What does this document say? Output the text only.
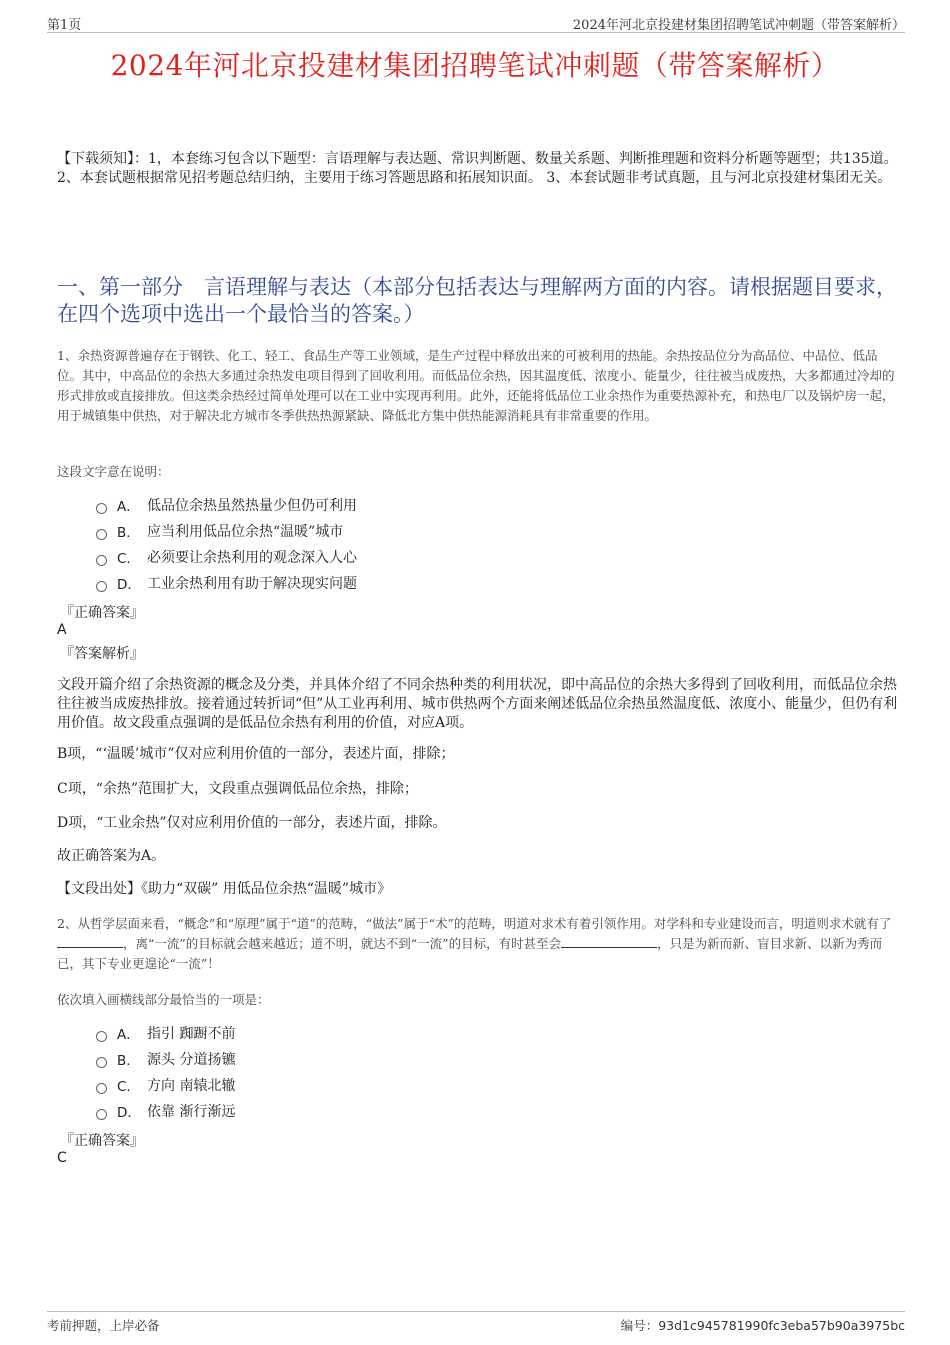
第1页	2024年河北京投建材集团招聘笔试冲刺题（带答案解析）
2024年河北京投建材集团招聘笔试冲刺题（带答案解析）
【下载须知】：1，本套练习包含以下题型：言语理解与表达题、常识判断题、数量关系题、判断推理题和资料分析题等题型；共135道。 2、本套试题根据常见招考题总结归纳，主要用于练习答题思路和拓展知识面。 3、本套试题非考试真题，且与河北京投建材集团无关。
一、第一部分　言语理解与表达（本部分包括表达与理解两方面的内容。请根据题目要求，在四个选项中选出一个最恰当的答案。）
1、余热资源普遍存在于钢铁、化工、轻工、食品生产等工业领域，是生产过程中释放出来的可被利用的热能。余热按品位分为高品位、中品位、低品位。其中，中高品位的余热大多通过余热发电项目得到了回收利用。而低品位余热，因其温度低、浓度小、能量少，往往被当成废热，大多都通过冷却的形式排放或直接排放。但这类余热经过简单处理可以在工业中实现再利用。此外，还能将低品位工业余热作为重要热源补充，和热电厂以及锅炉房一起，用于城镇集中供热，对于解决北方城市冬季供热热源紧缺、降低北方集中供热能源消耗具有非常重要的作用。
这段文字意在说明：
A． 低品位余热虽然热量少但仍可利用
B． 应当利用低品位余热“温暖”城市
C． 必须要让余热利用的观念深入人心
D． 工业余热利用有助于解决现实问题
『正确答案』
A
『答案解析』
文段开篇介绍了余热资源的概念及分类，并具体介绍了不同余热种类的利用状况，即中高品位的余热大多得到了回收利用，而低品位余热往往被当成废热排放。接着通过转折词“但”从工业再利用、城市供热两个方面来阐述低品位余热虽然温度低、浓度小、能量少，但仍有利用价值。故文段重点强调的是低品位余热有利用的价值，对应A项。
B项，“‘温暖’城市”仅对应利用价值的一部分，表述片面，排除；
C项，“余热”范围扩大，文段重点强调低品位余热，排除；
D项，“工业余热”仅对应利用价值的一部分，表述片面，排除。
故正确答案为A。
【文段出处】《助力“双碳” 用低品位余热“温暖”城市》
2、从哲学层面来看，“概念”和“原理”属于“道”的范畴，“做法”属于“术”的范畴，明道对求术有着引领作用。对学科和专业建设而言，明道则求术就有了，离“一流”的目标就会越来越近；道不明，就达不到“一流”的目标，有时甚至会	，只是为新而新、盲目求新、以新为秀而已，其下专业更遑论“一流”！
依次填入画横线部分最恰当的一项是：
A． 指引 踟蹰不前
B． 源头 分道扬镳
C． 方向 南辕北辙
D． 依靠 渐行渐远
『正确答案』
C
考前押题，上岸必备	编号：93d1c945781990fc3eba57b90a3975bc
